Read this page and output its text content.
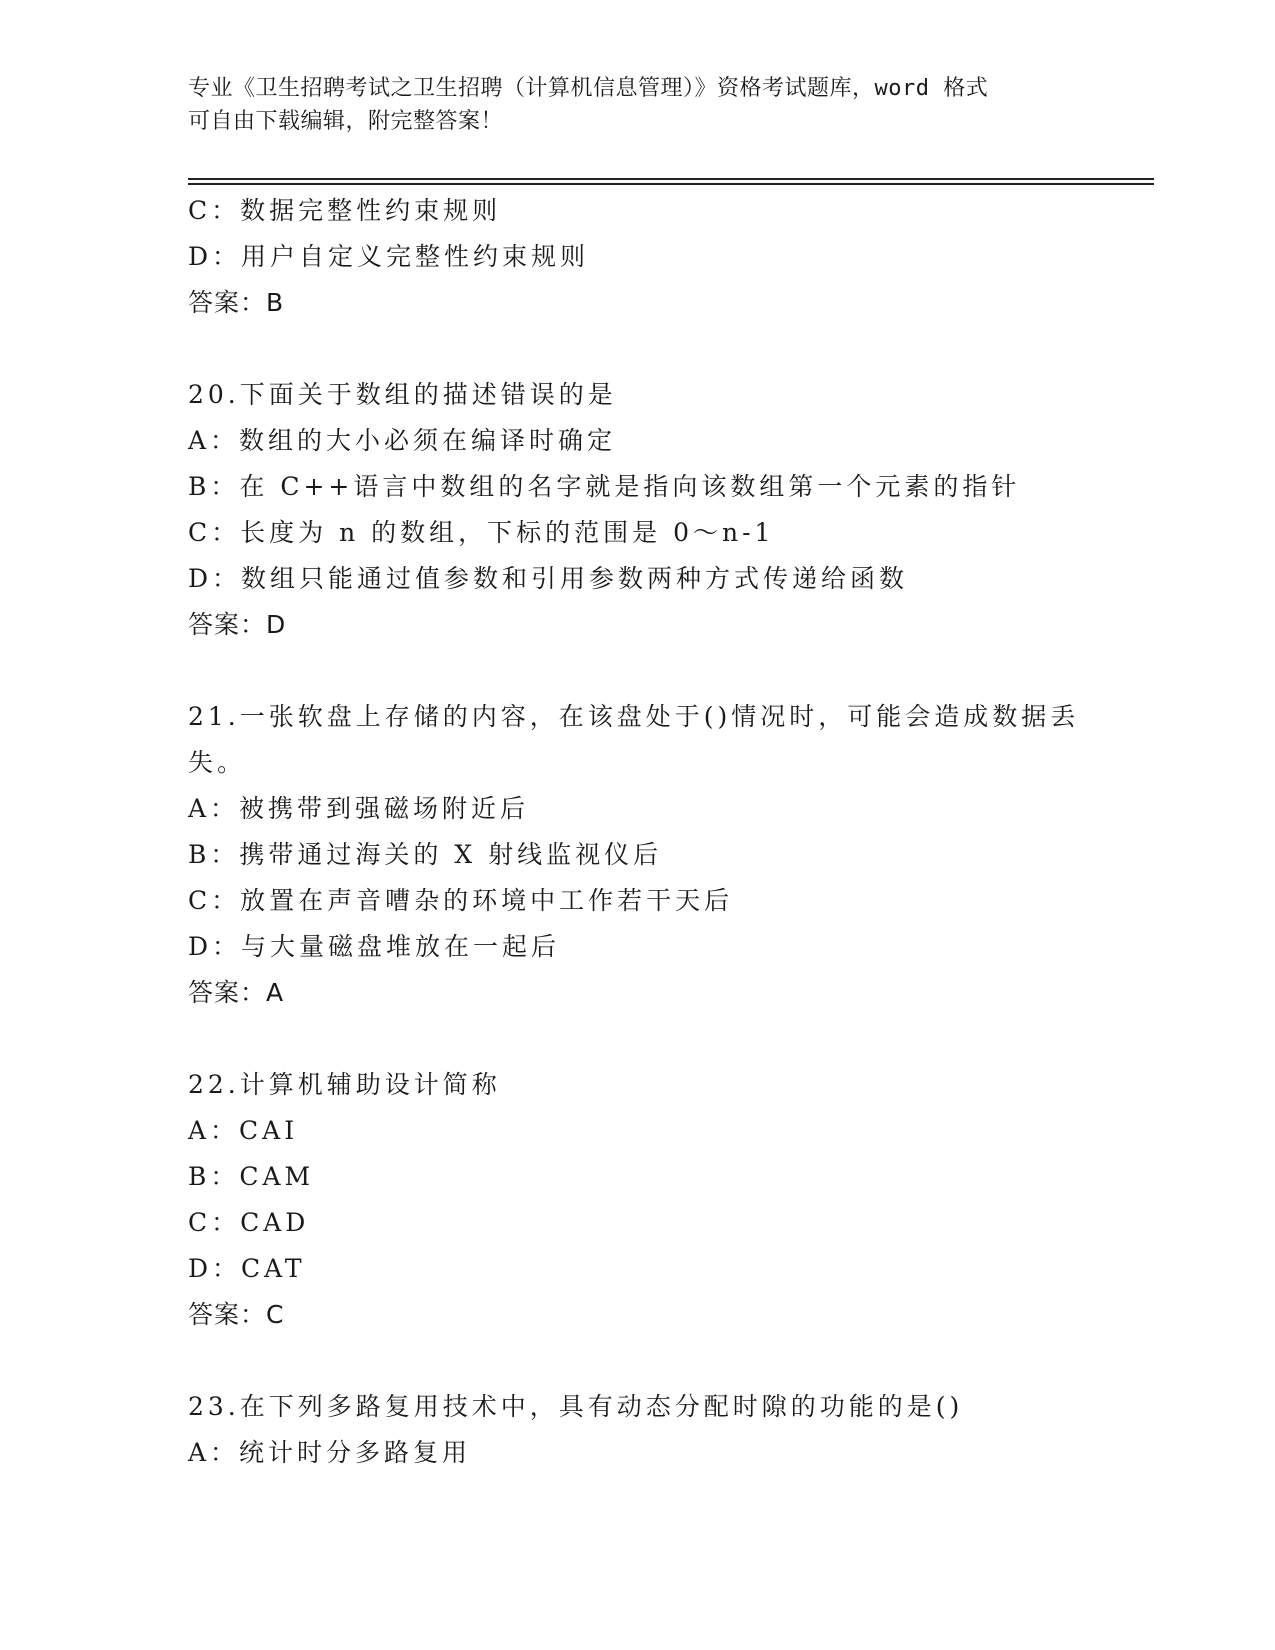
专业《卫生招聘考试之卫生招聘（计算机信息管理）》资格考试题库，word 格式
可自由下载编辑，附完整答案！
C：数据完整性约束规则
D：用户自定义完整性约束规则
答案：B
20.下面关于数组的描述错误的是
A：数组的大小必须在编译时确定
B：在 C++语言中数组的名字就是指向该数组第一个元素的指针
C：长度为 n 的数组，下标的范围是 0～n-1
D：数组只能通过值参数和引用参数两种方式传递给函数
答案：D
21.一张软盘上存储的内容，在该盘处于()情况时，可能会造成数据丢失。
A：被携带到强磁场附近后
B：携带通过海关的 X 射线监视仪后
C：放置在声音嘈杂的环境中工作若干天后
D：与大量磁盘堆放在一起后
答案：A
22.计算机辅助设计简称
A：CAI
B：CAM
C：CAD
D：CAT
答案：C
23.在下列多路复用技术中，具有动态分配时隙的功能的是()
A：统计时分多路复用
